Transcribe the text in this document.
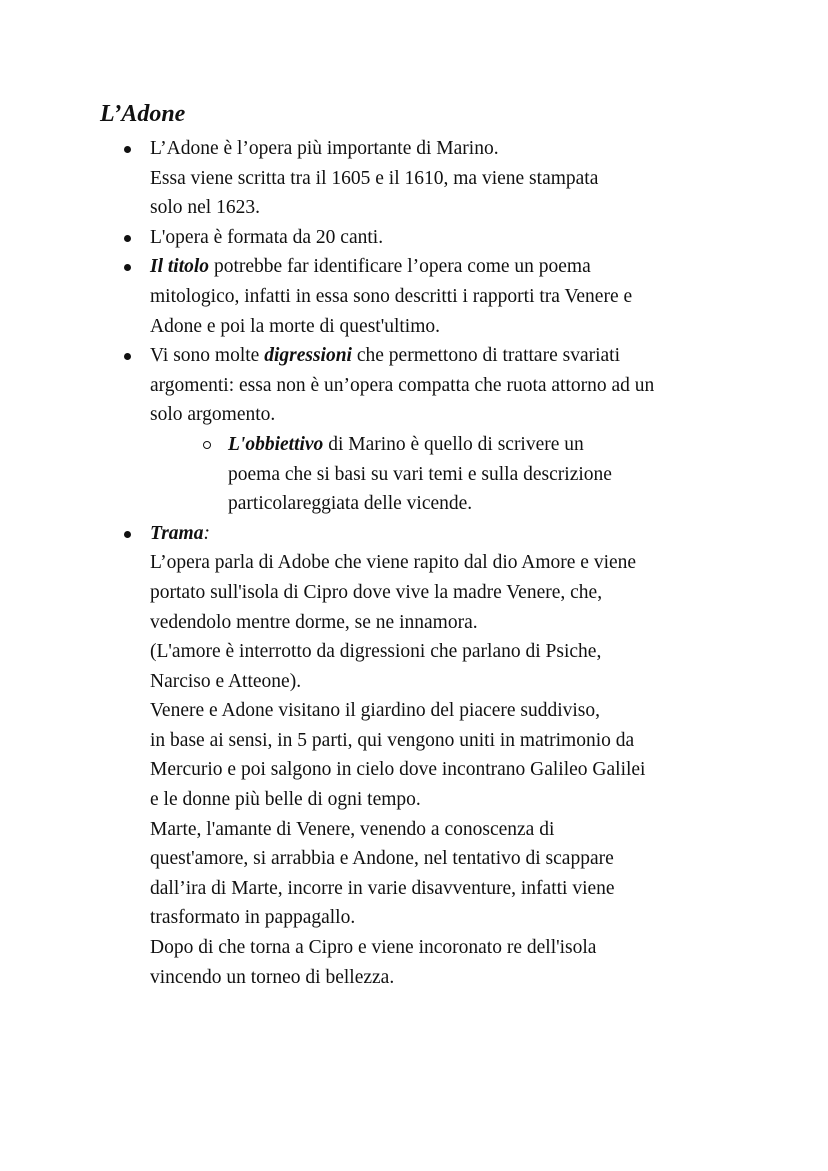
L’Adone
L’Adone è l’opera più importante di Marino.
Essa viene scritta tra il 1605 e il 1610, ma viene stampata
solo nel 1623.
L'opera è formata da 20 canti.
Il titolo potrebbe far identificare l’opera come un poema
mitologico, infatti in essa sono descritti i rapporti tra Venere e
Adone e poi la morte di quest'ultimo.
Vi sono molte digressioni che permettono di trattare svariati
argomenti: essa non è un’opera compatta che ruota attorno ad un
solo argomento.
L'obbiettivo di Marino è quello di scrivere un
poema che si basi su vari temi e sulla descrizione
particolareggiata delle vicende.
Trama:
L’opera parla di Adobe che viene rapito dal dio Amore e viene
portato sull'isola di Cipro dove vive la madre Venere, che,
vedendolo mentre dorme, se ne innamora.
(L'amore è interrotto da digressioni che parlano di Psiche,
Narciso e Atteone).
Venere e Adone visitano il giardino del piacere suddiviso,
in base ai sensi, in 5 parti, qui vengono uniti in matrimonio da
Mercurio e poi salgono in cielo dove incontrano Galileo Galilei
e le donne più belle di ogni tempo.
Marte, l'amante di Venere, venendo a conoscenza di
quest'amore, si arrabbia e Andone, nel tentativo di scappare
dall’ira di Marte, incorre in varie disavventure, infatti viene
trasformato in pappagallo.
Dopo di che torna a Cipro e viene incoronato re dell'isola
vincendo un torneo di bellezza.
